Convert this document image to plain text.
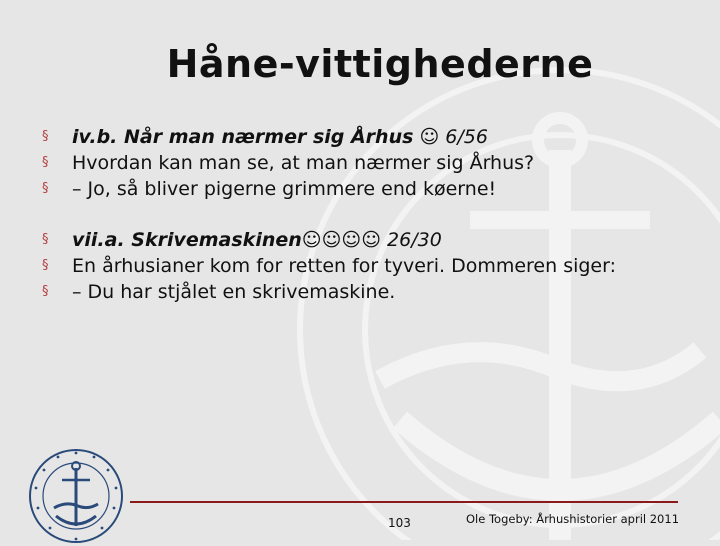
Håne-vittighederne
§	iv.b. Når man nærmer sig Århus ☺ 6/56
§	Hvordan kan man se, at man nærmer sig Århus?
§	– Jo, så bliver pigerne grimmere end køerne!
§	vii.a. Skrivemaskinen☺☺☺☺ 26/30
§	En århusianer kom for retten for tyveri. Dommeren siger:
§	– Du har stjålet en skrivemaskine.
103	Ole Togeby: Århushistorier april 2011
